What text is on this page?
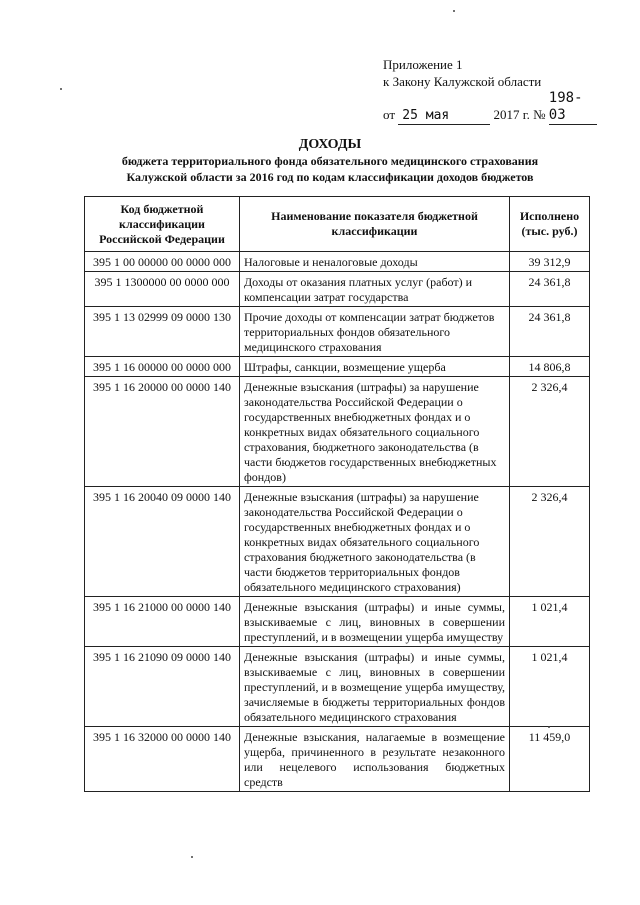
Приложение 1
к Закону Калужской области
от 25 мая	2017 г. № 198-03
ДОХОДЫ
бюджета территориального фонда обязательного медицинского страхования
Калужской области за 2016 год по кодам классификации доходов бюджетов
Код бюджетной классификации Российской Федерации	Наименование показателя бюджетной классификации	Исполнено (тыс. руб.)
395 1 00 00000 00 0000 000	Налоговые и неналоговые доходы	39 312,9
395 1 1300000 00 0000 000	Доходы от оказания платных услуг (работ) и компенсации затрат государства	24 361,8
395 1 13 02999 09 0000 130	Прочие доходы от компенсации затрат бюджетов территориальных фондов обязательного медицинского страхования	24 361,8
395 1 16 00000 00 0000 000	Штрафы, санкции, возмещение ущерба	14 806,8
395 1 16 20000 00 0000 140	Денежные взыскания (штрафы) за нарушение законодательства Российской Федерации о государственных внебюджетных фондах и о конкретных видах обязательного социального страхования, бюджетного законодательства (в части бюджетов государственных внебюджетных фондов)	2 326,4
395 1 16 20040 09 0000 140	Денежные взыскания (штрафы) за нарушение законодательства Российской Федерации о государственных внебюджетных фондах и о конкретных видах обязательного социального страхования бюджетного законодательства (в части бюджетов территориальных фондов обязательного медицинского страхования)	2 326,4
395 1 16 21000 00 0000 140	Денежные взыскания (штрафы) и иные суммы, взыскиваемые с лиц, виновных в совершении преступлений, и в возмещении ущерба имуществу	1 021,4
395 1 16 21090 09 0000 140	Денежные взыскания (штрафы) и иные суммы, взыскиваемые с лиц, виновных в совершении преступлений, и в возмещение ущерба имуществу, зачисляемые в бюджеты территориальных фондов обязательного медицинского страхования	1 021,4
395 1 16 32000 00 0000 140	Денежные взыскания, налагаемые в возмещение ущерба, причиненного в результате незаконного или нецелевого использования бюджетных средств	11 459,0
